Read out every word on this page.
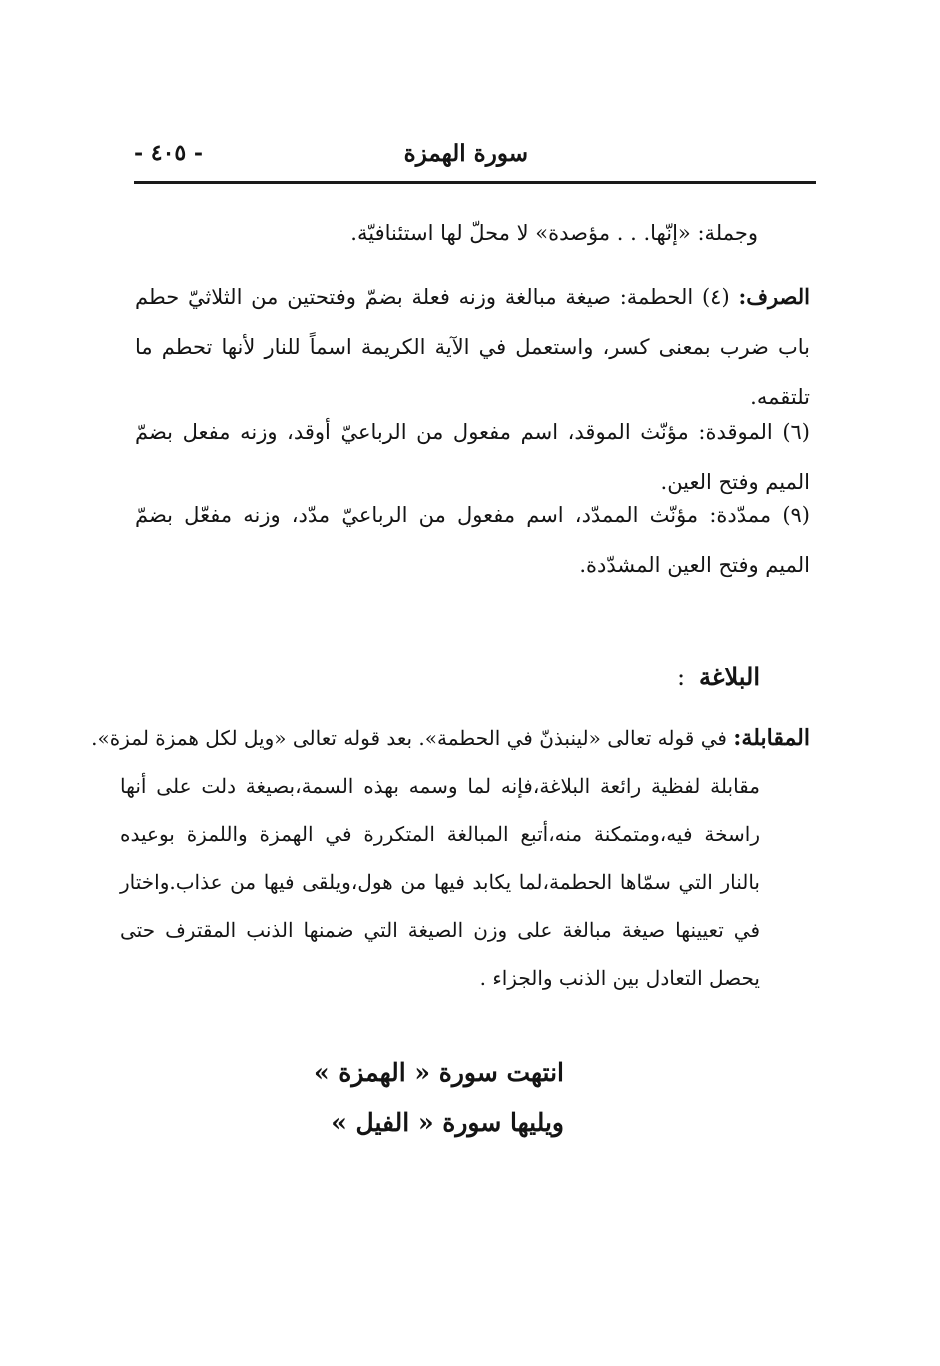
سورة الهمزة
- ٤٠٥ -
وجملة: «إنّها. . . مؤصدة» لا محلّ لها استئنافيّة.
الصرف: (٤) الحطمة: صيغة مبالغة وزنه فعلة بضمّ وفتحتين من الثلاثيّ حطم باب ضرب بمعنى كسر، واستعمل في الآية الكريمة اسماً للنار لأنها تحطم ما تلتقمه.
(٦) الموقدة: مؤنّث الموقد، اسم مفعول من الرباعيّ أوقد، وزنه مفعل بضمّ الميم وفتح العين.
(٩) ممدّدة: مؤنّث الممدّد، اسم مفعول من الرباعيّ مدّد، وزنه مفعّل بضمّ الميم وفتح العين المشدّدة.
البلاغة:
المقابلة: في قوله تعالى «لينبذنّ في الحطمة». بعد قوله تعالى «ويل لكل همزة لمزة».
مقابلة لفظية رائعة البلاغة،فإنه لما وسمه بهذه السمة،بصيغة دلت على أنها راسخة فيه،ومتمكنة منه،أتبع المبالغة المتكررة في الهمزة واللمزة بوعيده بالنار التي سمّاها الحطمة،لما يكابد فيها من هول،ويلقى فيها من عذاب.واختار في تعيينها صيغة مبالغة على وزن الصيغة التي ضمنها الذنب المقترف حتى يحصل التعادل بين الذنب والجزاء .
انتهت سورة « الهمزة »
ويليها سورة « الفيل »
